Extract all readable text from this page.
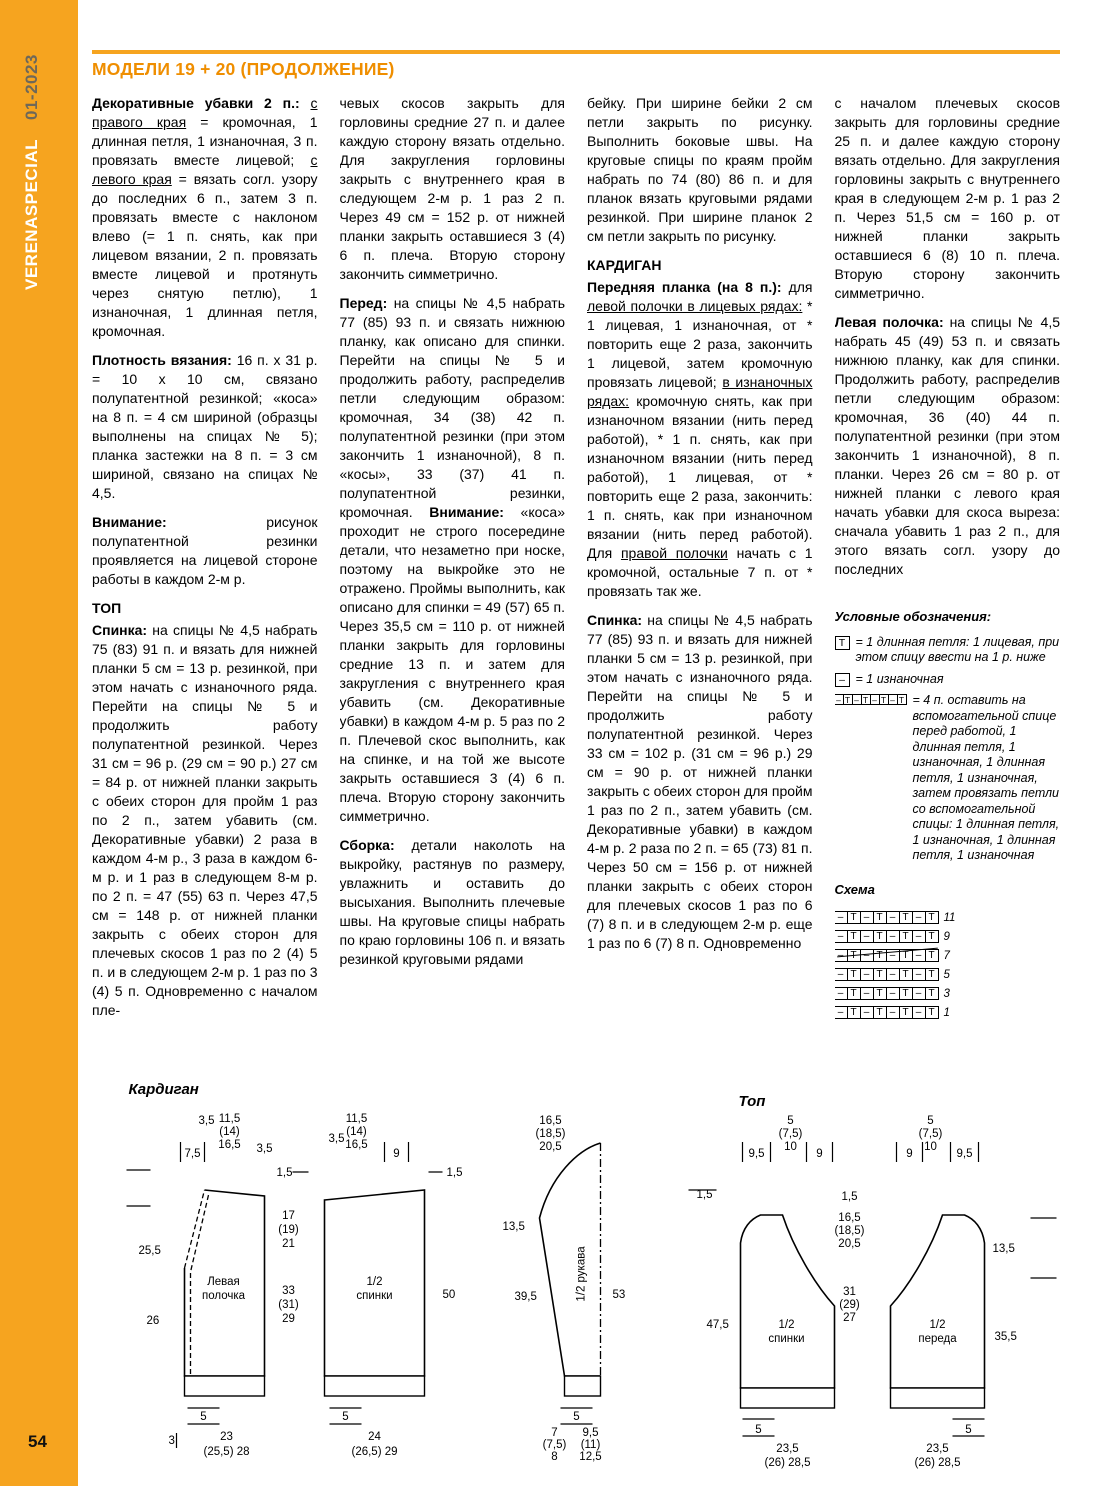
VERENASPECIAL 01-2023
54
МОДЕЛИ 19 + 20 (ПРОДОЛЖЕНИЕ)

Декоративные убавки 2 п.: с правого края = кромочная, 1 длинная петля, 1 изнаночная, 3 п. провязать вместе лицевой; с левого края = вязать согл. узору до последних 6 п., затем 3 п. провязать вместе с наклоном влево (= 1 п. снять, как при лицевом вязании, 2 п. провязать вместе лицевой и протянуть через снятую петлю), 1 изнаночная, 1 длинная петля, кромочная.

Плотность вязания: 16 п. x 31 р. = 10 x 10 см, связано полупатентной резинкой; «коса» на 8 п. = 4 см шириной (образцы выполнены на спицах № 5); планка застежки на 8 п. = 3 см шириной, связано на спицах № 4,5.

Внимание: рисунок полупатентной резинки проявляется на лицевой стороне работы в каждом 2-м р.

ТОП

Спинка: на спицы № 4,5 набрать 75 (83) 91 п. и вязать для нижней планки 5 см = 13 р. резинкой, при этом начать с изнаночного ряда. Перейти на спицы № 5 и продолжить работу полупатентной резинкой. Через 31 см = 96 р. (29 см = 90 р.) 27 см = 84 р. от нижней планки закрыть с обеих сторон для пройм 1 раз по 2 п., затем убавить (см. Декоративные убавки) 2 раза в каждом 4-м р., 3 раза в каждом 6-м р. и 1 раз в следующем 8-м р. по 2 п. = 47 (55) 63 п. Через 47,5 см = 148 р. от нижней планки закрыть с обеих сторон для плечевых скосов 1 раз по 2 (4) 5 п. и в следующем 2-м р. 1 раз по 3 (4) 5 п. Одновременно с началом пле-

чевых скосов закрыть для горловины средние 27 п. и далее каждую сторону вязать отдельно. Для закругления горловины закрыть с внутреннего края в следующем 2-м р. 1 раз 2 п. Через 49 см = 152 р. от нижней планки закрыть оставшиеся 3 (4) 6 п. плеча. Вторую сторону закончить симметрично.

Перед: на спицы № 4,5 набрать 77 (85) 93 п. и связать нижнюю планку, как описано для спинки. Перейти на спицы № 5 и продолжить работу, распределив петли следующим образом: кромочная, 34 (38) 42 п. полупатентной резинки (при этом закончить 1 изнаночной), 8 п. «косы», 33 (37) 41 п. полупатентной резинки, кромочная. Внимание: «коса» проходит не строго посередине детали, что незаметно при носке, поэтому на выкройке это не отражено. Проймы выполнить, как описано для спинки = 49 (57) 65 п. Через 35,5 см = 110 р. от нижней планки закрыть для горловины средние 13 п. и затем для закругления с внутреннего края убавить (см. Декоративные убавки) в каждом 4-м р. 5 раз по 2 п. Плечевой скос выполнить, как на спинке, и на той же высоте закрыть оставшиеся 3 (4) 6 п. плеча. Вторую сторону закончить симметрично.

Сборка: детали наколоть на выкройку, растянув по размеру, увлажнить и оставить до высыхания. Выполнить плечевые швы. На круговые спицы набрать по краю горловины 106 п. и вязать резинкой круговыми рядами

бейку. При ширине бейки 2 см петли закрыть по рисунку. Выполнить боковые швы. На круговые спицы по краям пройм набрать по 74 (80) 86 п. и для планок вязать круговыми рядами резинкой. При ширине планок 2 см петли закрыть по рисунку.

КАРДИГАН

Передняя планка (на 8 п.): для левой полочки в лицевых рядах: * 1 лицевая, 1 изнаночная, от * повторить еще 2 раза, закончить 1 лицевой, затем кромочную провязать лицевой; в изнаночных рядах: кромочную снять, как при изнаночном вязании (нить перед работой), * 1 п. снять, как при изнаночном вязании (нить перед работой), 1 лицевая, от * повторить еще 2 раза, закончить: 1 п. снять, как при изнаночном вязании (нить перед работой). Для правой полочки начать с 1 кромочной, остальные 7 п. от * провязать так же.

Спинка: на спицы № 4,5 набрать 77 (85) 93 п. и вязать для нижней планки 5 см = 13 р. резинкой, при этом начать с изнаночного ряда. Перейти на спицы № 5 и продолжить работу полупатентной резинкой. Через 33 см = 102 р. (31 см = 96 р.) 29 см = 90 р. от нижней планки закрыть с обеих сторон для пройм 1 раз по 2 п., затем убавить (см. Декоративные убавки) в каждом 4-м р. 2 раза по 2 п. = 65 (73) 81 п. Через 50 см = 156 р. от нижней планки закрыть с обеих сторон для плечевых скосов 1 раз по 6 (7) 8 п. и в следующем 2-м р. еще 1 раз по 6 (7) 8 п. Одновременно

с началом плечевых скосов закрыть для горловины средние 25 п. и далее каждую сторону вязать отдельно. Для закругления горловины закрыть с внутреннего края в следующем 2-м р. 1 раз 2 п. Через 51,5 см = 160 р. от нижней планки закрыть оставшиеся 6 (8) 10 п. плеча. Вторую сторону закончить симметрично.

Левая полочка: на спицы № 4,5 набрать 45 (49) 53 п. и связать нижнюю планку, как для спинки. Продолжить работу, распределив петли следующим образом: кромочная, 36 (40) 44 п. полупатентной резинки (при этом закончить 1 изнаночной), 8 п. планки. Через 26 см = 80 р. от нижней планки с левого края начать убавки для скоса выреза: сначала убавить 1 раз 2 п., для этого вязать согл. узору до последних

Условные обозначения:

T = 1 длинная петля: 1 лицевая, при этом спицу ввести на 1 р. ниже
– = 1 изнаночная
– T – T – T – T = 4 п. оставить на вспомогательной спице перед работой, 1 длинная петля, 1 изнаночная, 1 длинная петля, 1 изнаночная, затем провязать петли со вспомогательной спицы: 1 длинная петля, 1 изнаночная, 1 длинная петля, 1 изнаночная

Схема

– T – T – T – T 11
– T – T – T – T 9
– T – T – T – T 7
– T – T – T – T 5
– T – T – T – T 3
– T – T – T – T 1
Кардиган
Топ
3,5 11,5
(14)
16,5 3,5
7,5
25,5
26
5
3	23
(25,5) 28
Левая
полочка
1,5
17
(19)
21
33
(31)
29
3,5
11,5
(14)
16,5
9
1,5
50
5
24
(26,5) 29
1/2
спинки
16,5
(18,5)
20,5
13,5
39,5	53
5
7
(7,5)
8
9,5
(11)
12,5
1/2 рукава
5
(7,5)
10
9,5	9
1,5
47,5	1/2
спинки
5
23,5
(26) 28,5
1,5
16,5
(18,5)
20,5
31
(29)
27
5
(7,5)
10
9	9,5
13,5
35,5
1/2
переда
5
23,5
(26) 28,5
